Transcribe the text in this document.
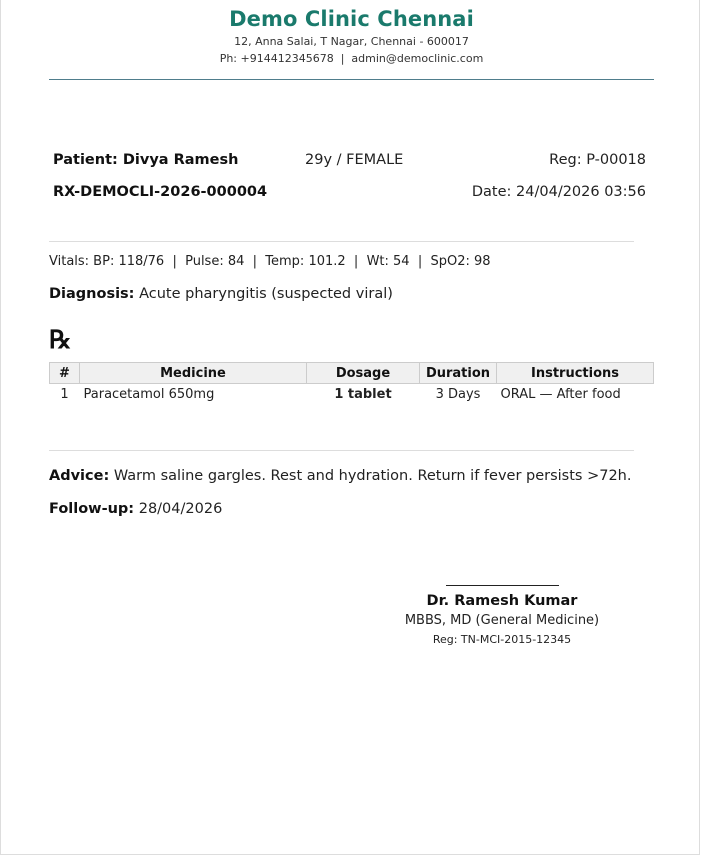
Demo Clinic Chennai
12, Anna Salai, T Nagar, Chennai - 600017
Ph: +914412345678  |  admin@democlinic.com
Patient: Divya Ramesh	29y / FEMALE	Reg: P-00018
RX-DEMOCLI-2026-000004	Date: 24/04/2026 03:56
Vitals: BP: 118/76  |  Pulse: 84  |  Temp: 101.2  |  Wt: 54  |  SpO2: 98
Diagnosis: Acute pharyngitis (suspected viral)
℞
#	Medicine	Dosage	Duration	Instructions
1	Paracetamol 650mg	1 tablet	3 Days	ORAL — After food
Advice: Warm saline gargles. Rest and hydration. Return if fever persists >72h.
Follow-up: 28/04/2026
Dr. Ramesh Kumar
MBBS, MD (General Medicine)
Reg: TN-MCI-2015-12345
